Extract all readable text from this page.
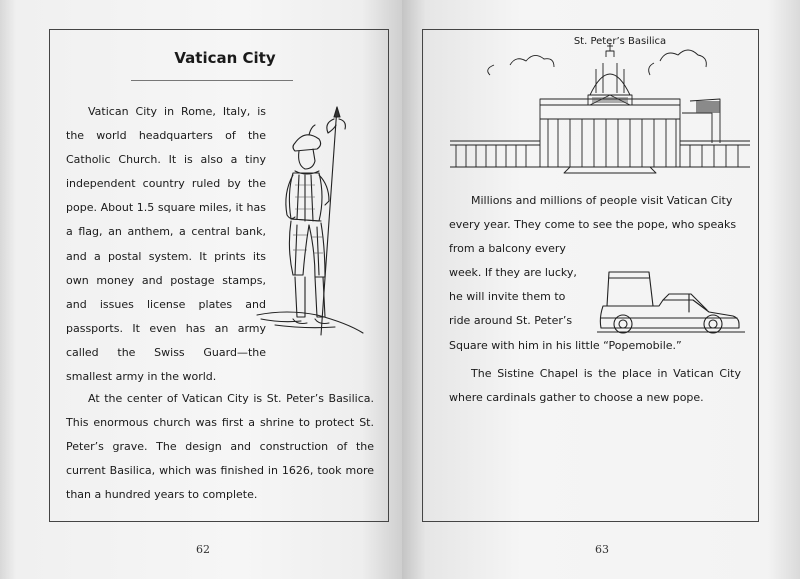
Vatican City

Vatican City in Rome, Italy, is the world headquarters of the Catholic Church. It is also a tiny independent country ruled by the pope. About 1.5 square miles, it has a flag, an anthem, a central bank, and a postal system. It prints its own money and postage stamps, and issues license plates and passports. It even has an army called the Swiss Guard—the smallest army in the world.

At the center of Vatican City is St. Peter’s Basilica. This enormous church was first a shrine to protect St. Peter’s grave. The design and construction of the current Basilica, which was finished in 1626, took more than a hundred years to complete.

62
St. Peter’s Basilica
Millions and millions of people visit Vatican City
every year. They come to see the pope, who speaks
from a balcony every
week. If they are lucky,
he will invite them to
ride around St. Peter’s
Square with him in his little “Popemobile.”

The Sistine Chapel is the place in Vatican City where cardinals gather to choose a new pope.

63
